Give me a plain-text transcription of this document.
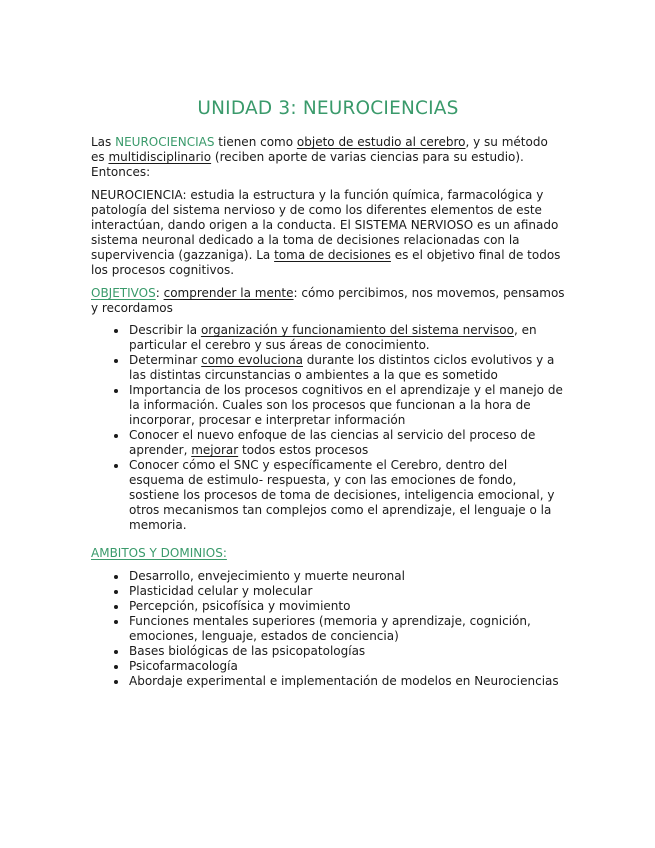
UNIDAD 3: NEUROCIENCIAS

Las NEUROCIENCIAS tienen como objeto de estudio al cerebro, y su método es multidisciplinario (reciben aporte de varias ciencias para su estudio). Entonces:

NEUROCIENCIA: estudia la estructura y la función química, farmacológica y patología del sistema nervioso y de como los diferentes elementos de este interactúan, dando origen a la conducta. El SISTEMA NERVIOSO es un afinado sistema neuronal dedicado a la toma de decisiones relacionadas con la supervivencia (gazzaniga). La toma de decisiones es el objetivo final de todos los procesos cognitivos.

OBJETIVOS: comprender la mente: cómo percibimos, nos movemos, pensamos y recordamos

Describir la organización y funcionamiento del sistema nervisoo, en particular el cerebro y sus áreas de conocimiento.
Determinar como evoluciona durante los distintos ciclos evolutivos y a las distintas circunstancias o ambientes a la que es sometido
Importancia de los procesos cognitivos en el aprendizaje y el manejo de la información. Cuales son los procesos que funcionan a la hora de incorporar, procesar e interpretar información
Conocer el nuevo enfoque de las ciencias al servicio del proceso de aprender, mejorar todos estos procesos
Conocer cómo el SNC y específicamente el Cerebro, dentro del esquema de estimulo- respuesta, y con las emociones de fondo, sostiene los procesos de toma de decisiones, inteligencia emocional, y otros mecanismos tan complejos como el aprendizaje, el lenguaje o la memoria.

AMBITOS Y DOMINIOS:

Desarrollo, envejecimiento y muerte neuronal
Plasticidad celular y molecular
Percepción, psicofísica y movimiento
Funciones mentales superiores (memoria y aprendizaje, cognición, emociones, lenguaje, estados de conciencia)
Bases biológicas de las psicopatologías
Psicofarmacología
Abordaje experimental e implementación de modelos en Neurociencias
